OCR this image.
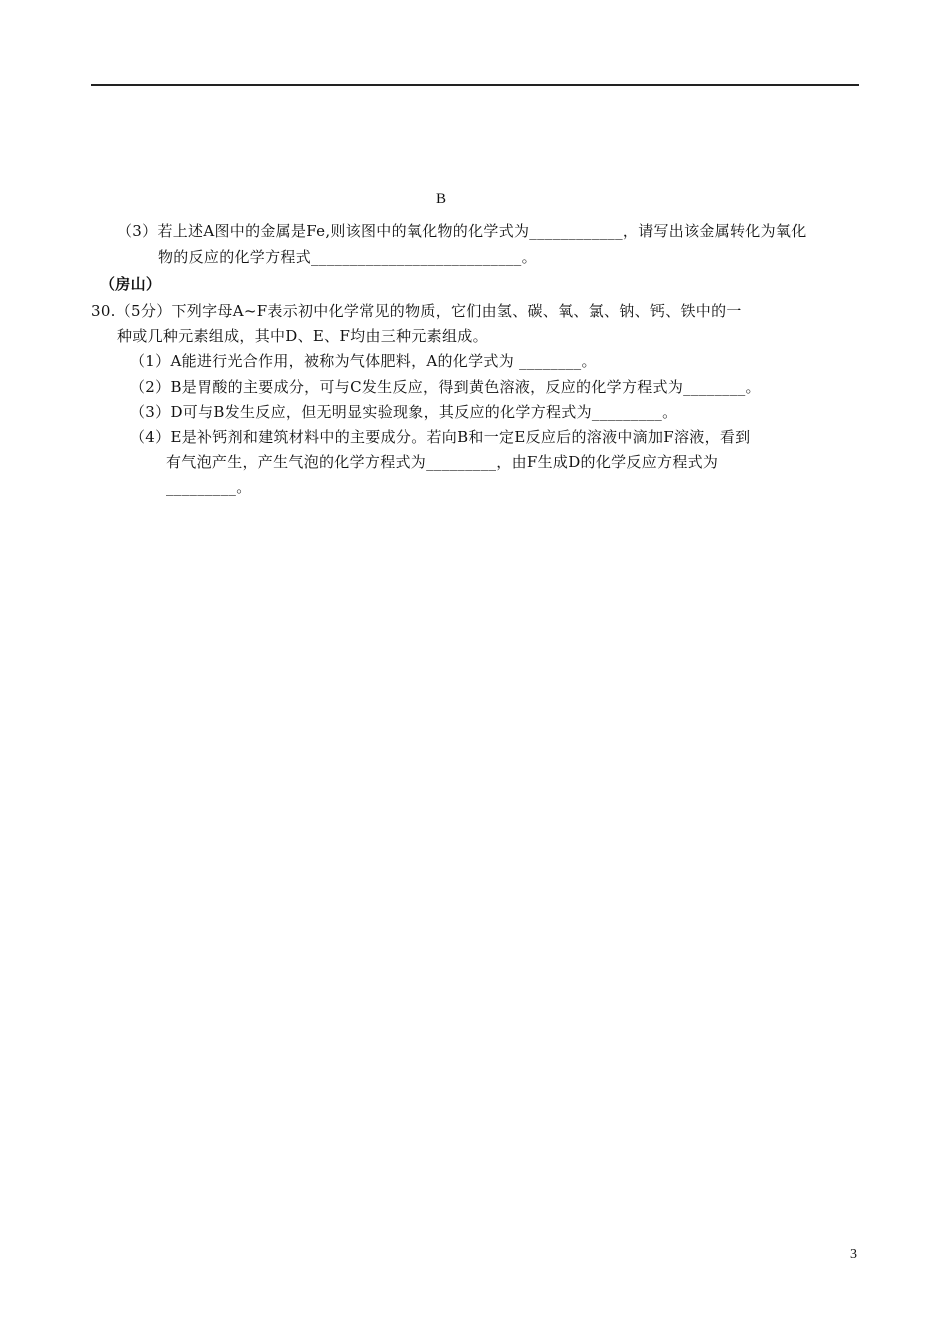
B
（3）若上述A图中的金属是Fe,则该图中的氧化物的化学式为____________，请写出该金属转化为氧化
物的反应的化学方程式___________________________。
（房山）
30.（5分）下列字母A~F表示初中化学常见的物质，它们由氢、碳、氧、氯、钠、钙、铁中的一
种或几种元素组成，其中D、E、F均由三种元素组成。
（1）A能进行光合作用，被称为气体肥料，A的化学式为 ________。
（2）B是胃酸的主要成分，可与C发生反应，得到黄色溶液，反应的化学方程式为________。
（3）D可与B发生反应，但无明显实验现象，其反应的化学方程式为_________。
（4）E是补钙剂和建筑材料中的主要成分。若向B和一定E反应后的溶液中滴加F溶液，看到
有气泡产生，产生气泡的化学方程式为_________，由F生成D的化学反应方程式为
_________。
3
